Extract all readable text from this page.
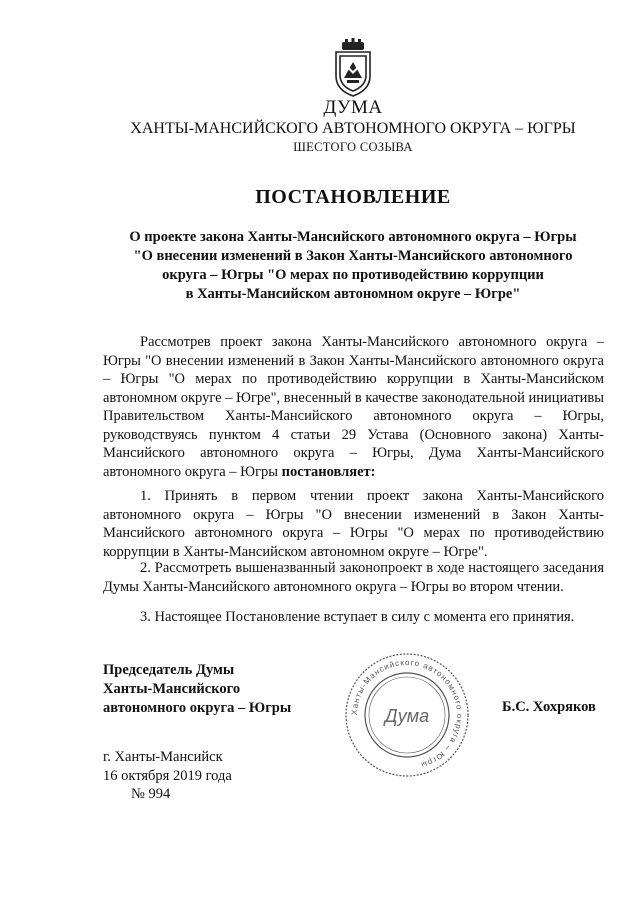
ДУМА
ХАНТЫ-МАНСИЙСКОГО АВТОНОМНОГО ОКРУГА – ЮГРЫ
ШЕСТОГО СОЗЫВА
ПОСТАНОВЛЕНИЕ
О проекте закона Ханты-Мансийского автономного округа – Югры
"О внесении изменений в Закон Ханты-Мансийского автономного
округа – Югры "О мерах по противодействию коррупции
в Ханты-Мансийском автономном округе – Югре"
Рассмотрев проект закона Ханты-Мансийского автономного округа – Югры "О внесении изменений в Закон Ханты-Мансийского автономного округа – Югры "О мерах по противодействию коррупции в Ханты-Мансийском автономном округе – Югре", внесенный в качестве законодательной инициативы Правительством Ханты-Мансийского автономного округа – Югры, руководствуясь пунктом 4 статьи 29 Устава (Основного закона) Ханты-Мансийского автономного округа – Югры, Дума Ханты-Мансийского автономного округа – Югры постановляет:
1. Принять в первом чтении проект закона Ханты-Мансийского автономного округа – Югры "О внесении изменений в Закон Ханты-Мансийского автономного округа – Югры "О мерах по противодействию коррупции в Ханты-Мансийском автономном округе – Югре".
2. Рассмотреть вышеназванный законопроект в ходе настоящего заседания Думы Ханты-Мансийского автономного округа – Югры во втором чтении.
3. Настоящее Постановление вступает в силу с момента его принятия.
Председатель Думы
Ханты-Мансийского
автономного округа – Югры	Ханты-Мансийского автономного округа – Югры
Дума	Б.С. Хохряков
г. Ханты-Мансийск
16 октября 2019 года
№ 994
